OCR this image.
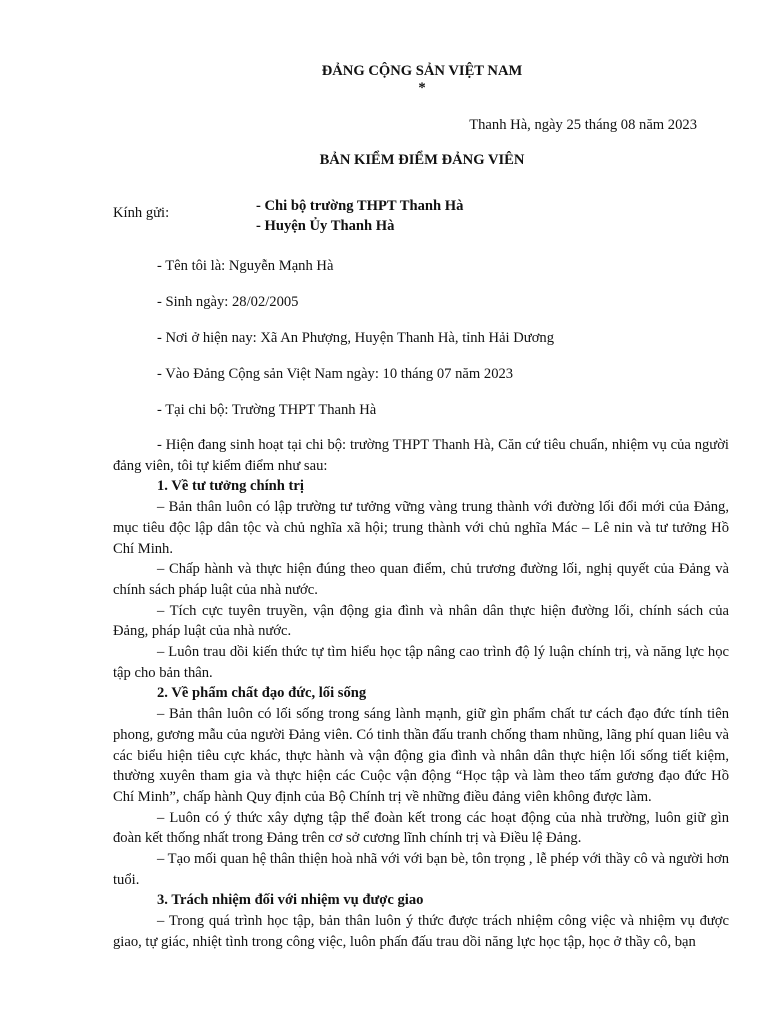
ĐẢNG CỘNG SẢN VIỆT NAM
*
Thanh Hà, ngày 25 tháng 08 năm 2023
BẢN KIỂM ĐIỂM ĐẢNG VIÊN
Kính gửi:	- Chi bộ trường THPT Thanh Hà
- Huyện Ủy Thanh Hà
- Tên tôi là: Nguyễn Mạnh Hà
- Sinh ngày: 28/02/2005
- Nơi ở hiện nay: Xã An Phượng, Huyện Thanh Hà, tỉnh Hải Dương
- Vào Đảng Cộng sản Việt Nam ngày: 10 tháng 07 năm 2023
- Tại chi bộ: Trường THPT Thanh Hà

- Hiện đang sinh hoạt tại chi bộ: trường THPT Thanh Hà, Căn cứ tiêu chuẩn, nhiệm vụ của người đảng viên, tôi tự kiểm điểm như sau:

1. Về tư tưởng chính trị

– Bản thân luôn có lập trường tư tưởng vững vàng trung thành với đường lối đổi mới của Đảng, mục tiêu độc lập dân tộc và chủ nghĩa xã hội; trung thành với chủ nghĩa Mác – Lê nin và tư tưởng Hồ Chí Minh.

– Chấp hành và thực hiện đúng theo quan điểm, chủ trương đường lối, nghị quyết của Đảng và chính sách pháp luật của nhà nước.

– Tích cực tuyên truyền, vận động gia đình và nhân dân thực hiện đường lối, chính sách của Đảng, pháp luật của nhà nước.

– Luôn trau dồi kiến thức tự tìm hiểu học tập nâng cao trình độ lý luận chính trị, và năng lực học tập cho bản thân.

2. Về phẩm chất đạo đức, lối sống

– Bản thân luôn có lối sống trong sáng lành mạnh, giữ gìn phẩm chất tư cách đạo đức tính tiên phong, gương mẫu của người Đảng viên. Có tinh thần đấu tranh chống tham nhũng, lãng phí quan liêu và các biểu hiện tiêu cực khác, thực hành và vận động gia đình và nhân dân thực hiện lối sống tiết kiệm, thường xuyên tham gia và thực hiện các Cuộc vận động “Học tập và làm theo tấm gương đạo đức Hồ Chí Minh”, chấp hành Quy định của Bộ Chính trị về những điều đảng viên không được làm.

– Luôn có ý thức xây dựng tập thể đoàn kết trong các hoạt động của nhà trường, luôn giữ gìn đoàn kết thống nhất trong Đảng trên cơ sở cương lĩnh chính trị và Điều lệ Đảng.

– Tạo mối quan hệ thân thiện hoà nhã với với bạn bè, tôn trọng , lễ phép với thầy cô và người hơn tuổi.

3. Trách nhiệm đối với nhiệm vụ được giao

– Trong quá trình học tập, bản thân luôn ý thức được trách nhiệm công việc và nhiệm vụ được giao, tự giác, nhiệt tình trong công việc, luôn phấn đấu trau dồi năng lực học tập, học ở thầy cô, bạn
